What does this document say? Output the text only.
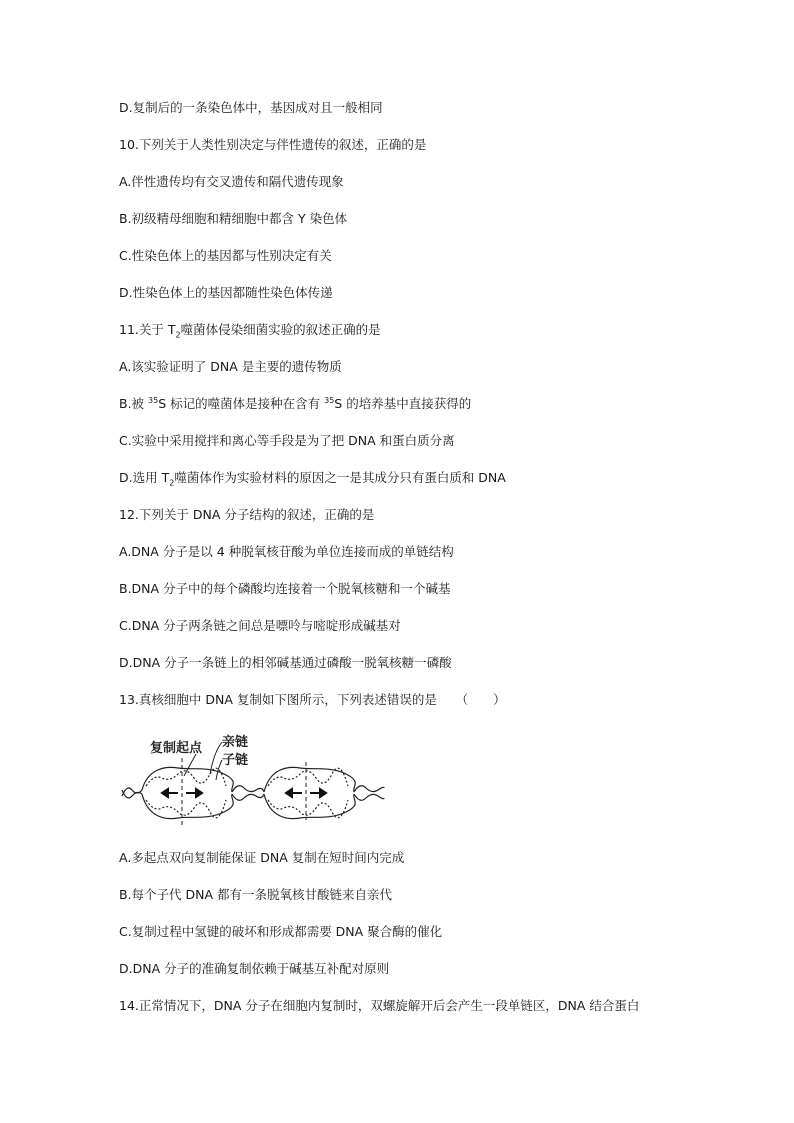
D.复制后的一条染色体中，基因成对且一般相同
10.下列关于人类性别决定与伴性遗传的叙述，正确的是
A.伴性遗传均有交叉遗传和隔代遗传现象
B.初级精母细胞和精细胞中都含 Y 染色体
C.性染色体上的基因都与性别决定有关
D.性染色体上的基因都随性染色体传递
11.关于 $T_2$噬菌体侵染细菌实验的叙述正确的是
A.该实验证明了 DNA 是主要的遗传物质
B.被 $^{35}$S 标记的噬菌体是接种在含有 $^{35}$S 的培养基中直接获得的
C.实验中采用搅拌和离心等手段是为了把 DNA 和蛋白质分离
D.选用 $T_2$噬菌体作为实验材料的原因之一是其成分只有蛋白质和 DNA
12.下列关于 DNA 分子结构的叙述，正确的是
A.DNA 分子是以 4 种脱氧核苷酸为单位连接而成的单链结构
B.DNA 分子中的每个磷酸均连接着一个脱氧核糖和一个碱基
C.DNA 分子两条链之间总是嘌呤与嘧啶形成碱基对
D.DNA 分子一条链上的相邻碱基通过磷酸一脱氧核糖一磷酸
13.真核细胞中 DNA 复制如下图所示，下列表述错误的是　　（　　）
复制起点 亲链
子链
A.多起点双向复制能保证 DNA 复制在短时间内完成
B.每个子代 DNA 都有一条脱氧核甘酸链来自亲代
C.复制过程中氢键的破坏和形成都需要 DNA 聚合酶的催化
D.DNA 分子的准确复制依赖于碱基互补配对原则
14.正常情况下，DNA 分子在细胞内复制时，双螺旋解开后会产生一段单链区，DNA 结合蛋白
